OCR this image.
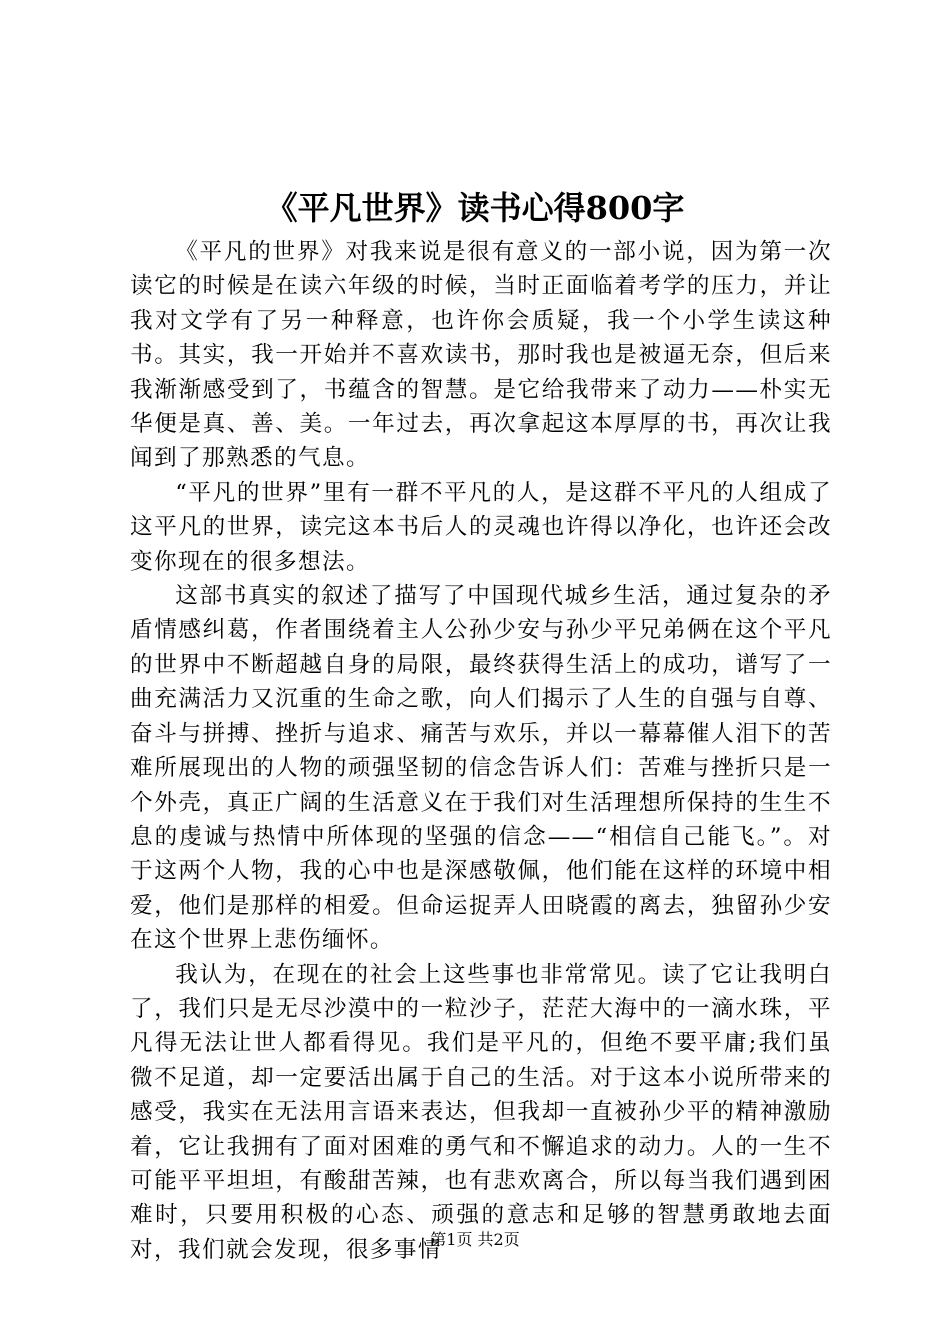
《平凡世界》读书心得800字

《平凡的世界》对我来说是很有意义的一部小说，因为第一次读它的时候是在读六年级的时候，当时正面临着考学的压力，并让我对文学有了另一种释意，也许你会质疑，我一个小学生读这种书。其实，我一开始并不喜欢读书，那时我也是被逼无奈，但后来我渐渐感受到了，书蕴含的智慧。是它给我带来了动力——朴实无华便是真、善、美。一年过去，再次拿起这本厚厚的书，再次让我闻到了那熟悉的气息。

“平凡的世界”里有一群不平凡的人，是这群不平凡的人组成了这平凡的世界，读完这本书后人的灵魂也许得以净化，也许还会改变你现在的很多想法。

这部书真实的叙述了描写了中国现代城乡生活，通过复杂的矛盾情感纠葛，作者围绕着主人公孙少安与孙少平兄弟俩在这个平凡的世界中不断超越自身的局限，最终获得生活上的成功，谱写了一曲充满活力又沉重的生命之歌，向人们揭示了人生的自强与自尊、奋斗与拼搏、挫折与追求、痛苦与欢乐，并以一幕幕催人泪下的苦难所展现出的人物的顽强坚韧的信念告诉人们：苦难与挫折只是一个外壳，真正广阔的生活意义在于我们对生活理想所保持的生生不息的虔诚与热情中所体现的坚强的信念——“相信自己能飞。”。对于这两个人物，我的心中也是深感敬佩，他们能在这样的环境中相爱，他们是那样的相爱。但命运捉弄人田晓霞的离去，独留孙少安在这个世界上悲伤缅怀。

我认为，在现在的社会上这些事也非常常见。读了它让我明白了，我们只是无尽沙漠中的一粒沙子，茫茫大海中的一滴水珠，平凡得无法让世人都看得见。我们是平凡的，但绝不要平庸;我们虽微不足道，却一定要活出属于自己的生活。对于这本小说所带来的感受，我实在无法用言语来表达，但我却一直被孙少平的精神激励着，它让我拥有了面对困难的勇气和不懈追求的动力。人的一生不可能平平坦坦，有酸甜苦辣，也有悲欢离合，所以每当我们遇到困难时，只要用积极的心态、顽强的意志和足够的智慧勇敢地去面对，我们就会发现，很多事情

第1页 共2页
